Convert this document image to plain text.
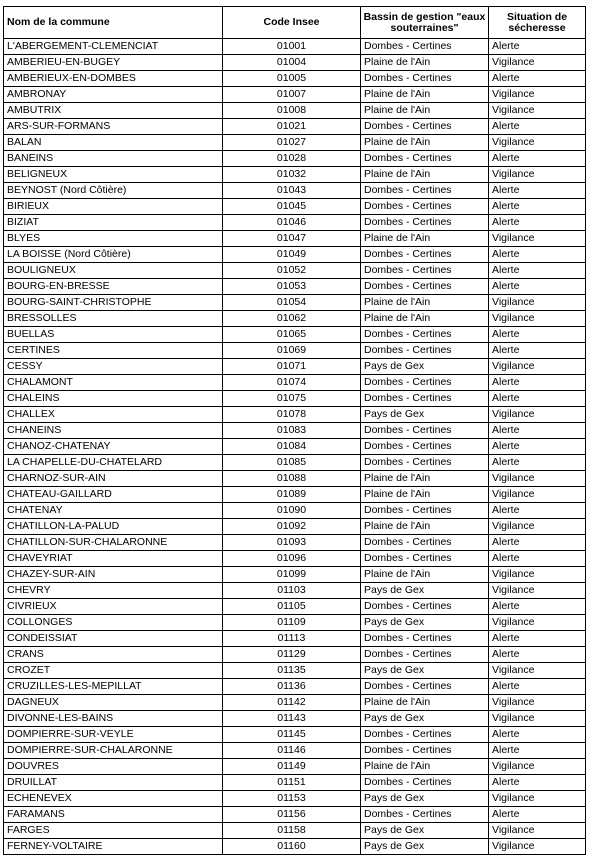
Nom de la commune	Code Insee	Bassin de gestion "eaux souterraines"	Situation de sécheresse
L'ABERGEMENT-CLEMENCIAT	01001	Dombes - Certines	Alerte
AMBERIEU-EN-BUGEY	01004	Plaine de l'Ain	Vigilance
AMBERIEUX-EN-DOMBES	01005	Dombes - Certines	Alerte
AMBRONAY	01007	Plaine de l'Ain	Vigilance
AMBUTRIX	01008	Plaine de l'Ain	Vigilance
ARS-SUR-FORMANS	01021	Dombes - Certines	Alerte
BALAN	01027	Plaine de l'Ain	Vigilance
BANEINS	01028	Dombes - Certines	Alerte
BELIGNEUX	01032	Plaine de l'Ain	Vigilance
BEYNOST (Nord Côtière)	01043	Dombes - Certines	Alerte
BIRIEUX	01045	Dombes - Certines	Alerte
BIZIAT	01046	Dombes - Certines	Alerte
BLYES	01047	Plaine de l'Ain	Vigilance
LA BOISSE (Nord Côtière)	01049	Dombes - Certines	Alerte
BOULIGNEUX	01052	Dombes - Certines	Alerte
BOURG-EN-BRESSE	01053	Dombes - Certines	Alerte
BOURG-SAINT-CHRISTOPHE	01054	Plaine de l'Ain	Vigilance
BRESSOLLES	01062	Plaine de l'Ain	Vigilance
BUELLAS	01065	Dombes - Certines	Alerte
CERTINES	01069	Dombes - Certines	Alerte
CESSY	01071	Pays de Gex	Vigilance
CHALAMONT	01074	Dombes - Certines	Alerte
CHALEINS	01075	Dombes - Certines	Alerte
CHALLEX	01078	Pays de Gex	Vigilance
CHANEINS	01083	Dombes - Certines	Alerte
CHANOZ-CHATENAY	01084	Dombes - Certines	Alerte
LA CHAPELLE-DU-CHATELARD	01085	Dombes - Certines	Alerte
CHARNOZ-SUR-AIN	01088	Plaine de l'Ain	Vigilance
CHATEAU-GAILLARD	01089	Plaine de l'Ain	Vigilance
CHATENAY	01090	Dombes - Certines	Alerte
CHATILLON-LA-PALUD	01092	Plaine de l'Ain	Vigilance
CHATILLON-SUR-CHALARONNE	01093	Dombes - Certines	Alerte
CHAVEYRIAT	01096	Dombes - Certines	Alerte
CHAZEY-SUR-AIN	01099	Plaine de l'Ain	Vigilance
CHEVRY	01103	Pays de Gex	Vigilance
CIVRIEUX	01105	Dombes - Certines	Alerte
COLLONGES	01109	Pays de Gex	Vigilance
CONDEISSIAT	01113	Dombes - Certines	Alerte
CRANS	01129	Dombes - Certines	Alerte
CROZET	01135	Pays de Gex	Vigilance
CRUZILLES-LES-MEPILLAT	01136	Dombes - Certines	Alerte
DAGNEUX	01142	Plaine de l'Ain	Vigilance
DIVONNE-LES-BAINS	01143	Pays de Gex	Vigilance
DOMPIERRE-SUR-VEYLE	01145	Dombes - Certines	Alerte
DOMPIERRE-SUR-CHALARONNE	01146	Dombes - Certines	Alerte
DOUVRES	01149	Plaine de l'Ain	Vigilance
DRUILLAT	01151	Dombes - Certines	Alerte
ECHENEVEX	01153	Pays de Gex	Vigilance
FARAMANS	01156	Dombes - Certines	Alerte
FARGES	01158	Pays de Gex	Vigilance
FERNEY-VOLTAIRE	01160	Pays de Gex	Vigilance
